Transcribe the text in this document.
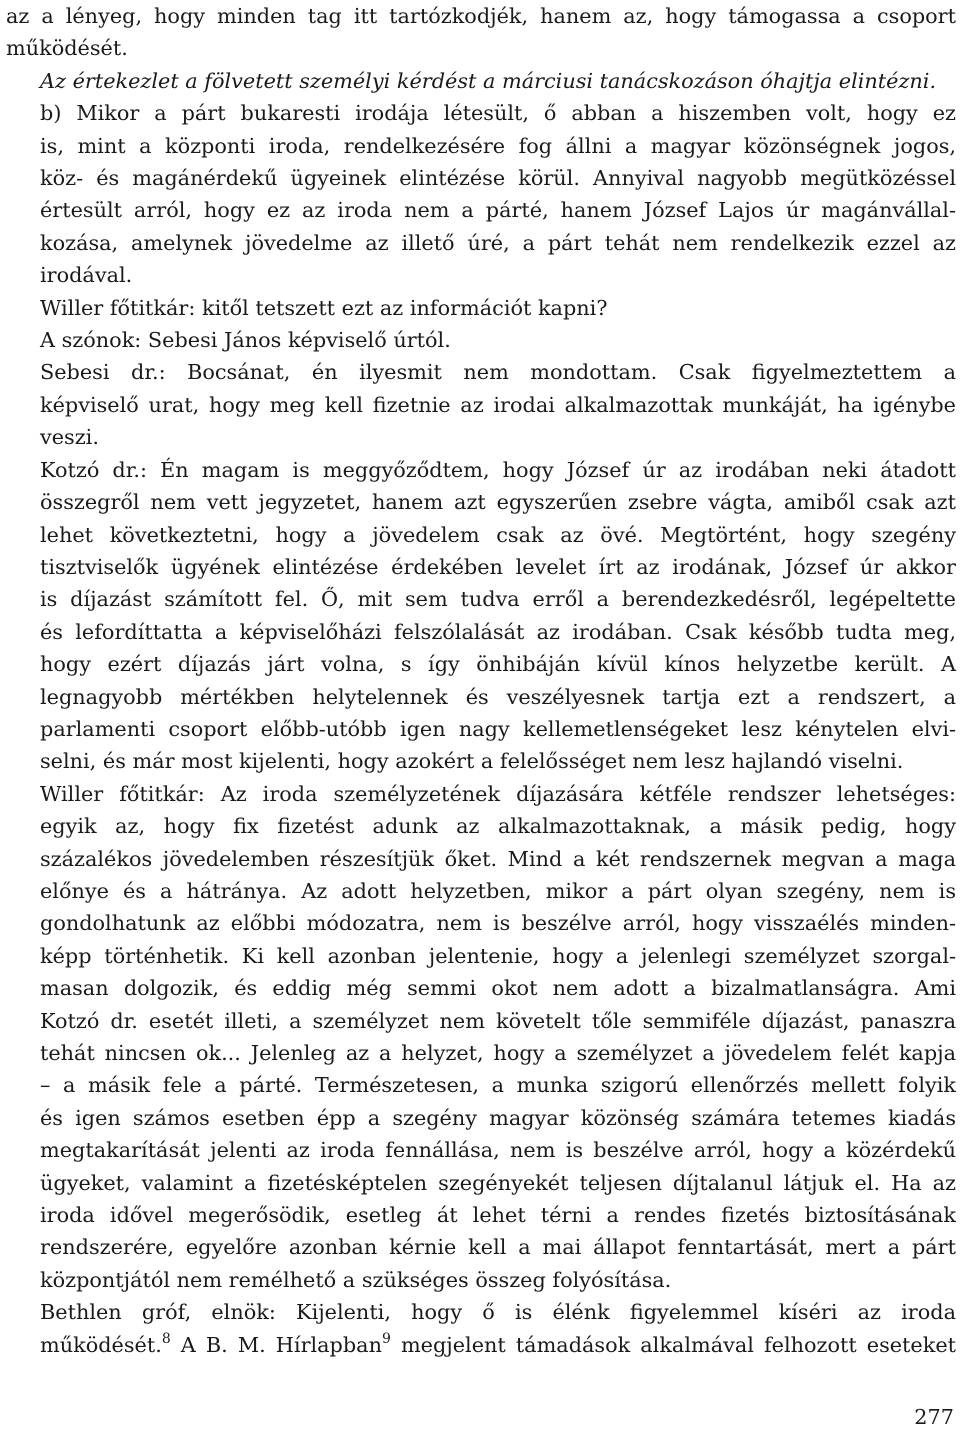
az a lényeg, hogy minden tag itt tartózkodjék, hanem az, hogy támogassa a csoport
működését.

Az értekezlet a fölvetett személyi kérdést a márciusi tanácskozáson óhajtja elintézni.

b) Mikor a párt bukaresti irodája létesült, ő abban a hiszemben volt, hogy ez
is, mint a központi iroda, rendelkezésére fog állni a magyar közönségnek jogos,
köz- és magánérdekű ügyeinek elintézése körül. Annyival nagyobb megütközéssel
értesült arról, hogy ez az iroda nem a párté, hanem József Lajos úr magánvállal-
kozása, amelynek jövedelme az illető úré, a párt tehát nem rendelkezik ezzel az
irodával.

Willer főtitkár: kitől tetszett ezt az információt kapni?

A szónok: Sebesi János képviselő úrtól.

Sebesi dr.: Bocsánat, én ilyesmit nem mondottam. Csak figyelmeztettem a
képviselő urat, hogy meg kell fizetnie az irodai alkalmazottak munkáját, ha igénybe
veszi.

Kotzó dr.: Én magam is meggyőződtem, hogy József úr az irodában neki átadott
összegről nem vett jegyzetet, hanem azt egyszerűen zsebre vágta, amiből csak azt
lehet következtetni, hogy a jövedelem csak az övé. Megtörtént, hogy szegény
tisztviselők ügyének elintézése érdekében levelet írt az irodának, József úr akkor
is díjazást számított fel. Ő, mit sem tudva erről a berendezkedésről, legépeltette
és lefordíttatta a képviselőházi felszólalását az irodában. Csak később tudta meg,
hogy ezért díjazás járt volna, s így önhibáján kívül kínos helyzetbe került. A
legnagyobb mértékben helytelennek és veszélyesnek tartja ezt a rendszert, a
parlamenti csoport előbb-utóbb igen nagy kellemetlenségeket lesz kénytelen elvi-
selni, és már most kijelenti, hogy azokért a felelősséget nem lesz hajlandó viselni.

Willer főtitkár: Az iroda személyzetének díjazására kétféle rendszer lehetséges:
egyik az, hogy fix fizetést adunk az alkalmazottaknak, a másik pedig, hogy
százalékos jövedelemben részesítjük őket. Mind a két rendszernek megvan a maga
előnye és a hátránya. Az adott helyzetben, mikor a párt olyan szegény, nem is
gondolhatunk az előbbi módozatra, nem is beszélve arról, hogy visszaélés minden-
képp történhetik. Ki kell azonban jelentenie, hogy a jelenlegi személyzet szorgal-
masan dolgozik, és eddig még semmi okot nem adott a bizalmatlanságra. Ami
Kotzó dr. esetét illeti, a személyzet nem követelt tőle semmiféle díjazást, panaszra
tehát nincsen ok... Jelenleg az a helyzet, hogy a személyzet a jövedelem felét kapja
– a másik fele a párté. Természetesen, a munka szigorú ellenőrzés mellett folyik
és igen számos esetben épp a szegény magyar közönség számára tetemes kiadás
megtakarítását jelenti az iroda fennállása, nem is beszélve arról, hogy a közérdekű
ügyeket, valamint a fizetésképtelen szegényekét teljesen díjtalanul látjuk el. Ha az
iroda idővel megerősödik, esetleg át lehet térni a rendes fizetés biztosításának
rendszerére, egyelőre azonban kérnie kell a mai állapot fenntartását, mert a párt
központjától nem remélhető a szükséges összeg folyósítása.

Bethlen gróf, elnök: Kijelenti, hogy ő is élénk figyelemmel kíséri az iroda
működését.$^8$ A B. M. Hírlapban$^9$ megjelent támadások alkalmával felhozott eseteket

277
